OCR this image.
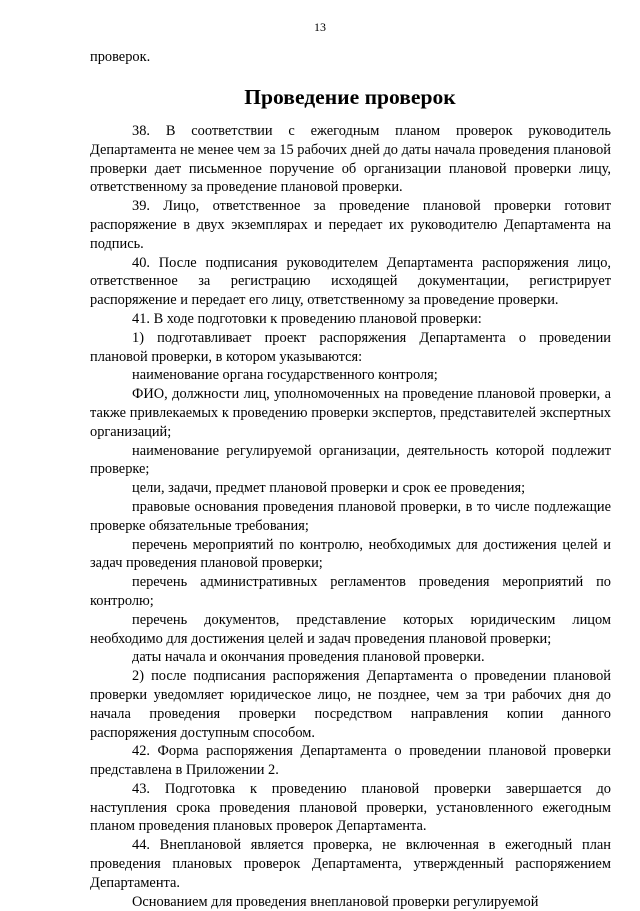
13

проверок.

Проведение проверок

38. В соответствии с ежегодным планом проверок руководитель Департамента не менее чем за 15 рабочих дней до даты начала проведения плановой проверки дает письменное поручение об организации плановой проверки лицу, ответственному за проведение плановой проверки.

39. Лицо, ответственное за проведение плановой проверки готовит распоряжение в двух экземплярах и передает их руководителю Департамента на подпись.

40. После подписания руководителем Департамента распоряжения лицо, ответственное за регистрацию исходящей документации, регистрирует распоряжение и передает его лицу, ответственному за проведение проверки.

41. В ходе подготовки к проведению плановой проверки:

1) подготавливает проект распоряжения Департамента о проведении плановой проверки, в котором указываются:

наименование органа государственного контроля;

ФИО, должности лиц, уполномоченных на проведение плановой проверки, а также привлекаемых к проведению проверки экспертов, представителей экспертных организаций;

наименование регулируемой организации, деятельность которой подлежит проверке;

цели, задачи, предмет плановой проверки и срок ее проведения;

правовые основания проведения плановой проверки, в то числе подлежащие проверке обязательные требования;

перечень мероприятий по контролю, необходимых для достижения целей и задач проведения плановой проверки;

перечень административных регламентов проведения мероприятий по контролю;

перечень документов, представление которых юридическим лицом необходимо для достижения целей и задач проведения плановой проверки;

даты начала и окончания проведения плановой проверки.

2) после подписания распоряжения Департамента о проведении плановой проверки уведомляет юридическое лицо, не позднее, чем за три рабочих дня до начала проведения проверки посредством направления копии данного распоряжения доступным способом.

42. Форма распоряжения Департамента о проведении плановой проверки представлена в Приложении 2.

43. Подготовка к проведению плановой проверки завершается до наступления срока проведения плановой проверки, установленного ежегодным планом проведения плановых проверок Департамента.

44. Внеплановой является проверка, не включенная в ежегодный план проведения плановых проверок Департамента, утвержденный распоряжением Департамента.

Основанием для проведения внеплановой проверки регулируемой
